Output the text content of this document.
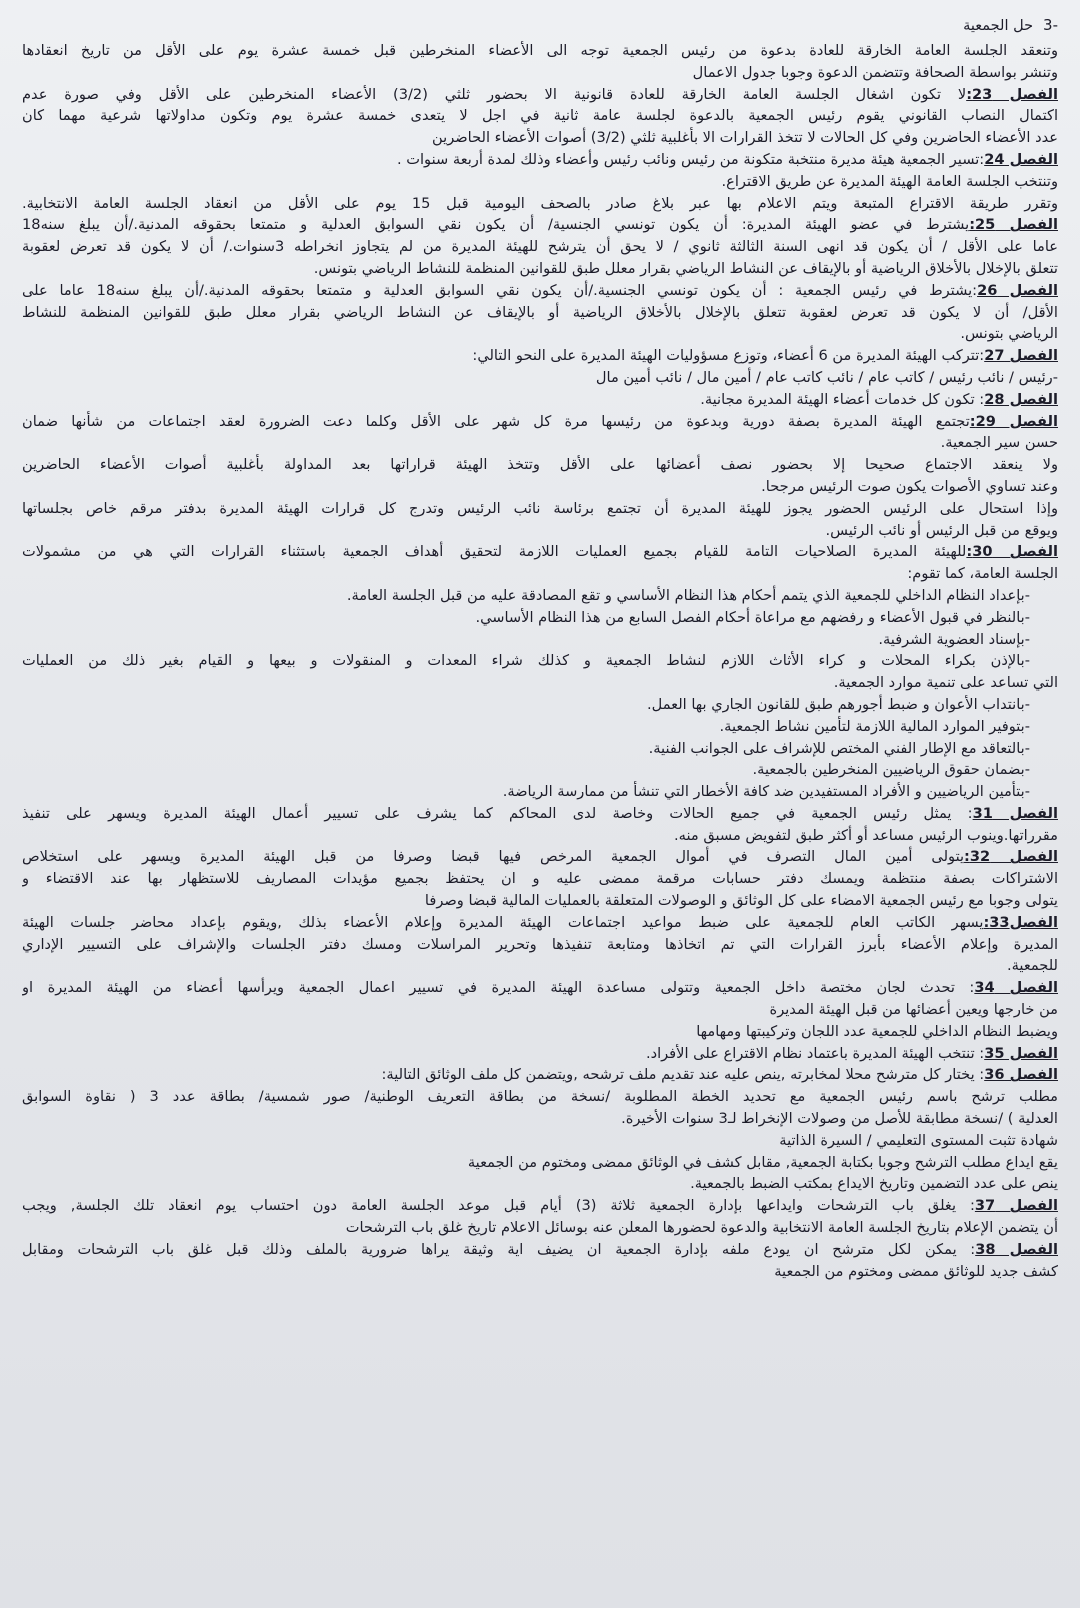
-3
حل الجمعية
وتنعقد الجلسة العامة الخارقة للعادة بدعوة من رئيس الجمعية توجه الى الأعضاء المنخرطين قبل خمسة عشرة يوم على الأقل من تاريخ انعقادها
وتنشر بواسطة الصحافة وتتضمن الدعوة وجوبا جدول الاعمال
الفصل 23:لا تكون اشغال الجلسة العامة الخارقة للعادة قانونية الا بحضور ثلثي (3/2) الأعضاء المنخرطين على الأقل وفي صورة عدم
اكتمال النصاب القانوني يقوم رئيس الجمعية بالدعوة لجلسة عامة ثانية في اجل لا يتعدى خمسة عشرة يوم وتكون مداولاتها شرعية مهما كان
عدد الأعضاء الحاضرين وفي كل الحالات لا تتخذ القرارات الا بأغلبية ثلثي (3/2) أصوات الأعضاء الحاضرين
الفصل 24:تسير الجمعية هيئة مديرة منتخبة متكونة من رئيس ونائب رئيس وأعضاء وذلك لمدة أربعة سنوات .
وتنتخب الجلسة العامة الهيئة المديرة عن طريق الاقتراع.
وتقرر طريقة الاقتراع المتبعة ويتم الاعلام بها عبر بلاغ صادر بالصحف اليومية قبل 15 يوم على الأقل من انعقاد الجلسة العامة الانتخابية.
الفصل 25:يشترط في عضو الهيئة المديرة: أن يكون تونسي الجنسية/ أن يكون نقي السوابق العدلية و متمتعا بحقوقه المدنية./أن يبلغ سنه18
عاما على الأقل / أن يكون قد انهى السنة الثالثة ثانوي / لا يحق أن يترشح للهيئة المديرة من لم يتجاوز انخراطه 3سنوات./ أن لا يكون قد تعرض لعقوبة
تتعلق بالإخلال بالأخلاق الرياضية أو بالإيقاف عن النشاط الرياضي بقرار معلل طبق للقوانين المنظمة للنشاط الرياضي بتونس.
الفصل 26:يشترط في رئيس الجمعية : أن يكون تونسي الجنسية./أن يكون نقي السوابق العدلية و متمتعا بحقوقه المدنية./أن يبلغ سنه18 عاما على
الأقل/ أن لا يكون قد تعرض لعقوبة تتعلق بالإخلال بالأخلاق الرياضية أو بالإيقاف عن النشاط الرياضي بقرار معلل طبق للقوانين المنظمة للنشاط
الرياضي بتونس.
الفصل 27:تتركب الهيئة المديرة من 6 أعضاء، وتوزع مسؤوليات الهيئة المديرة على النحو التالي:
-رئيس / نائب رئيس / كاتب عام / نائب كاتب عام / أمين مال / نائب أمين مال
الفصل 28: تكون كل خدمات أعضاء الهيئة المديرة مجانية.
الفصل 29:تجتمع الهيئة المديرة بصفة دورية وبدعوة من رئيسها مرة كل شهر على الأقل وكلما دعت الضرورة لعقد اجتماعات من شأنها ضمان
حسن سير الجمعية.
ولا ينعقد الاجتماع صحيحا إلا بحضور نصف أعضائها على الأقل وتتخذ الهيئة قراراتها بعد المداولة بأغلبية أصوات الأعضاء الحاضرين
وعند تساوي الأصوات يكون صوت الرئيس مرجحا.
وإذا استحال على الرئيس الحضور يجوز للهيئة المديرة أن تجتمع برئاسة نائب الرئيس وتدرج كل قرارات الهيئة المديرة بدفتر مرقم خاص بجلساتها
ويوقع من قبل الرئيس أو نائب الرئيس.
الفصل 30:للهيئة المديرة الصلاحيات التامة للقيام بجميع العمليات اللازمة لتحقيق أهداف الجمعية باستثناء القرارات التي هي من مشمولات
الجلسة العامة، كما تقوم:
-بإعداد النظام الداخلي للجمعية الذي يتمم أحكام هذا النظام الأساسي و تقع المصادقة عليه من قبل الجلسة العامة.
-بالنظر في قبول الأعضاء و رفضهم مع مراعاة أحكام الفصل السابع من هذا النظام الأساسي.
-بإسناد العضوية الشرفية.
-بالإذن بكراء المحلات و كراء الأثاث اللازم لنشاط الجمعية و كذلك شراء المعدات و المنقولات و بيعها و القيام بغير ذلك من العمليات
التي تساعد على تنمية موارد الجمعية.
-بانتداب الأعوان و ضبط أجورهم طبق للقانون الجاري بها العمل.
-بتوفير الموارد المالية اللازمة لتأمين نشاط الجمعية.
-بالتعاقد مع الإطار الفني المختص للإشراف على الجوانب الفنية.
-بضمان حقوق الرياضيين المنخرطين بالجمعية.
-بتأمين الرياضيين و الأفراد المستفيدين ضد كافة الأخطار التي تنشأ من ممارسة الرياضة.
الفصل 31: يمثل رئيس الجمعية في جميع الحالات وخاصة لدى المحاكم كما يشرف على تسيير أعمال الهيئة المديرة ويسهر على تنفيذ
مقرراتها.وينوب الرئيس مساعد أو أكثر طبق لتفويض مسبق منه.
الفصل 32:يتولى أمين المال التصرف في أموال الجمعية المرخص فيها قبضا وصرفا من قبل الهيئة المديرة ويسهر على استخلاص
الاشتراكات بصفة منتظمة ويمسك دفتر حسابات مرقمة ممضى عليه و ان يحتفظ بجميع مؤيدات المصاريف للاستظهار بها عند الاقتضاء و
يتولى وجوبا مع رئيس الجمعية الامضاء على كل الوثائق و الوصولات المتعلقة بالعمليات المالية قبضا وصرفا
الفصل33:يسهر الكاتب العام للجمعية على ضبط مواعيد اجتماعات الهيئة المديرة وإعلام الأعضاء بذلك ,ويقوم بإعداد محاضر جلسات الهيئة
المديرة وإعلام الأعضاء بأبرز القرارات التي تم اتخاذها ومتابعة تنفيذها وتحرير المراسلات ومسك دفتر الجلسات والإشراف على التسيير الإداري
للجمعية.
الفصل 34: تحدث لجان مختصة داخل الجمعية وتتولى مساعدة الهيئة المديرة في تسيير اعمال الجمعية ويرأسها أعضاء من الهيئة المديرة او
من خارجها ويعين أعضائها من قبل الهيئة المديرة
ويضبط النظام الداخلي للجمعية عدد اللجان وتركيبتها ومهامها
الفصل 35: تنتخب الهيئة المديرة باعتماد نظام الاقتراع على الأفراد.
الفصل 36: يختار كل مترشح محلا لمخابرته ,ينص عليه عند تقديم ملف ترشحه ,ويتضمن كل ملف الوثائق التالية:
مطلب ترشح باسم رئيس الجمعية مع تحديد الخطة المطلوبة /نسخة من بطاقة التعريف الوطنية/ صور شمسية/ بطاقة عدد 3 ( نقاوة السوابق
العدلية ) /نسخة مطابقة للأصل من وصولات الإنخراط لـ3 سنوات الأخيرة.
شهادة تثبت المستوى التعليمي / السيرة الذاتية
يقع ايداع مطلب الترشح وجوبا بكتابة الجمعية, مقابل كشف في الوثائق ممضى ومختوم من الجمعية
ينص على عدد التضمين وتاريخ الايداع بمكتب الضبط بالجمعية.
الفصل 37: يغلق باب الترشحات وايداعها بإدارة الجمعية ثلاثة (3) أيام قبل موعد الجلسة العامة دون احتساب يوم انعقاد تلك الجلسة, ويجب
أن يتضمن الإعلام بتاريخ الجلسة العامة الانتخابية والدعوة لحضورها المعلن عنه بوسائل الاعلام تاريخ غلق باب الترشحات
الفصل 38: يمكن لكل مترشح ان يودع ملفه بإدارة الجمعية ان يضيف اية وثيقة يراها ضرورية بالملف وذلك قبل غلق باب الترشحات ومقابل
كشف جديد للوثائق ممضى ومختوم من الجمعية
